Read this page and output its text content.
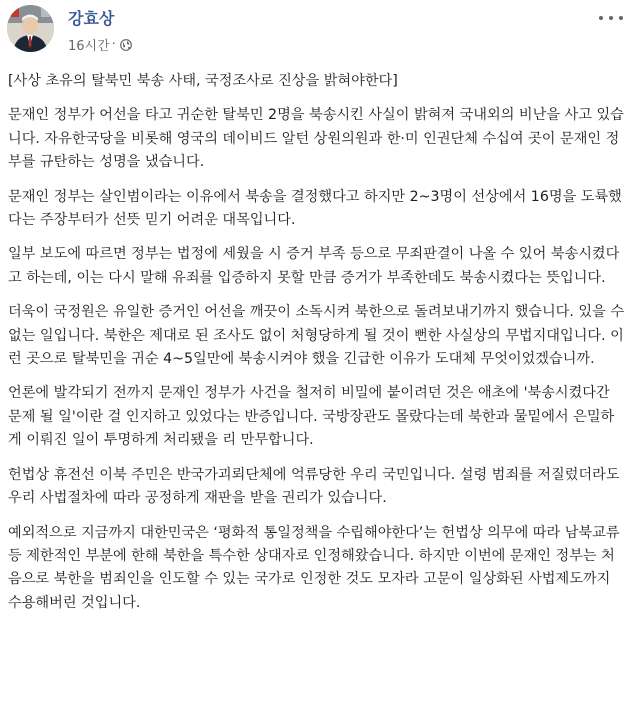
강효상
16시간 ·

[사상 초유의 탈북민 북송 사태, 국정조사로 진상을 밝혀야한다]

문재인 정부가 어선을 타고 귀순한 탈북민 2명을 북송시킨 사실이 밝혀져 국내외의 비난을 사고 있습니다. 자유한국당을 비롯해 영국의 데이비드 알턴 상원의원과 한·미 인권단체 수십여 곳이 문재인 정부를 규탄하는 성명을 냈습니다.

문재인 정부는 살인범이라는 이유에서 북송을 결정했다고 하지만 2~3명이 선상에서 16명을 도륙했다는 주장부터가 선뜻 믿기 어려운 대목입니다.

일부 보도에 따르면 정부는 법정에 세웠을 시 증거 부족 등으로 무죄판결이 나올 수 있어 북송시켰다고 하는데, 이는 다시 말해 유죄를 입증하지 못할 만큼 증거가 부족한데도 북송시켰다는 뜻입니다.

더욱이 국정원은 유일한 증거인 어선을 깨끗이 소독시켜 북한으로 돌려보내기까지 했습니다. 있을 수 없는 일입니다. 북한은 제대로 된 조사도 없이 처형당하게 될 것이 뻔한 사실상의 무법지대입니다. 이런 곳으로 탈북민을 귀순 4~5일만에 북송시켜야 했을 긴급한 이유가 도대체 무엇이었겠습니까.

언론에 발각되기 전까지 문재인 정부가 사건을 철저히 비밀에 붙이려던 것은 애초에 '북송시켰다간 문제 될 일'이란 걸 인지하고 있었다는 반증입니다. 국방장관도 몰랐다는데 북한과 물밑에서 은밀하게 이뤄진 일이 투명하게 처리됐을 리 만무합니다.

헌법상 휴전선 이북 주민은 반국가괴뢰단체에 억류당한 우리 국민입니다. 설령 범죄를 저질렀더라도 우리 사법절차에 따라 공정하게 재판을 받을 권리가 있습니다.

예외적으로 지금까지 대한민국은 ‘평화적 통일정책을 수립해야한다’는 헌법상 의무에 따라 남북교류 등 제한적인 부분에 한해 북한을 특수한 상대자로 인정해왔습니다. 하지만 이번에 문재인 정부는 처음으로 북한을 범죄인을 인도할 수 있는 국가로 인정한 것도 모자라 고문이 일상화된 사법제도까지 수용해버린 것입니다.
